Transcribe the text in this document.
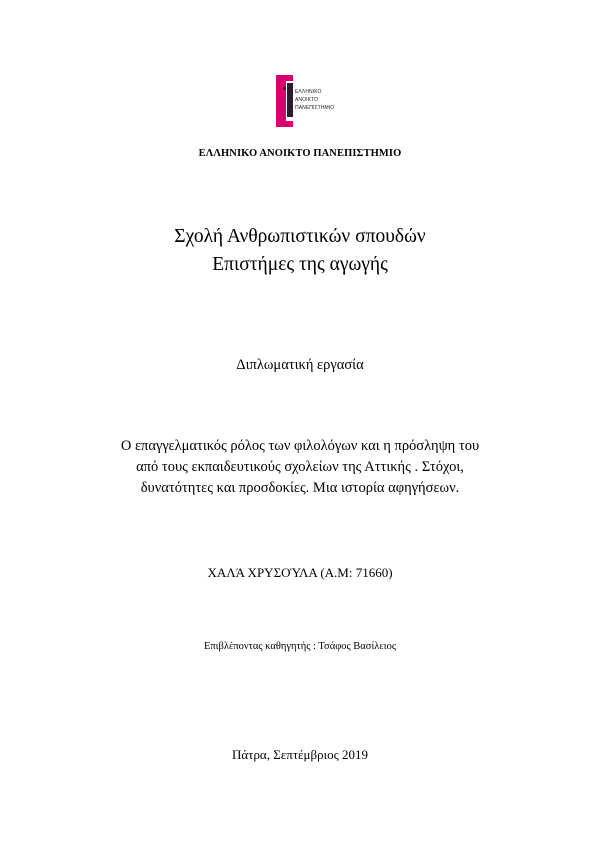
ΕΛΛΗΝΙΚΟ
ΑΝΟΙΚΤΟ
ΠΑΝΕΠΙΣΤΗΜΙΟ
ΕΛΛΗΝΙΚΟ ΑΝΟΙΚΤΟ ΠΑΝΕΠΙΣΤΗΜΙΟ
Σχολή Ανθρωπιστικών σπουδών
Επιστήμες της αγωγής
Διπλωματική εργασία
Ο επαγγελματικός ρόλος των φιλολόγων και η πρόσληψη του
από τους εκπαιδευτικούς σχολείων της Αττικής . Στόχοι,
δυνατότητες και προσδοκίες. Μια ιστορία αφηγήσεων.
ΧΑΛΆ ΧΡΥΣΟΎΛΑ (Α.Μ: 71660)
Επιβλέποντας καθηγητής : Τσάφος Βασίλειος
Πάτρα, Σεπτέμβριος 2019
